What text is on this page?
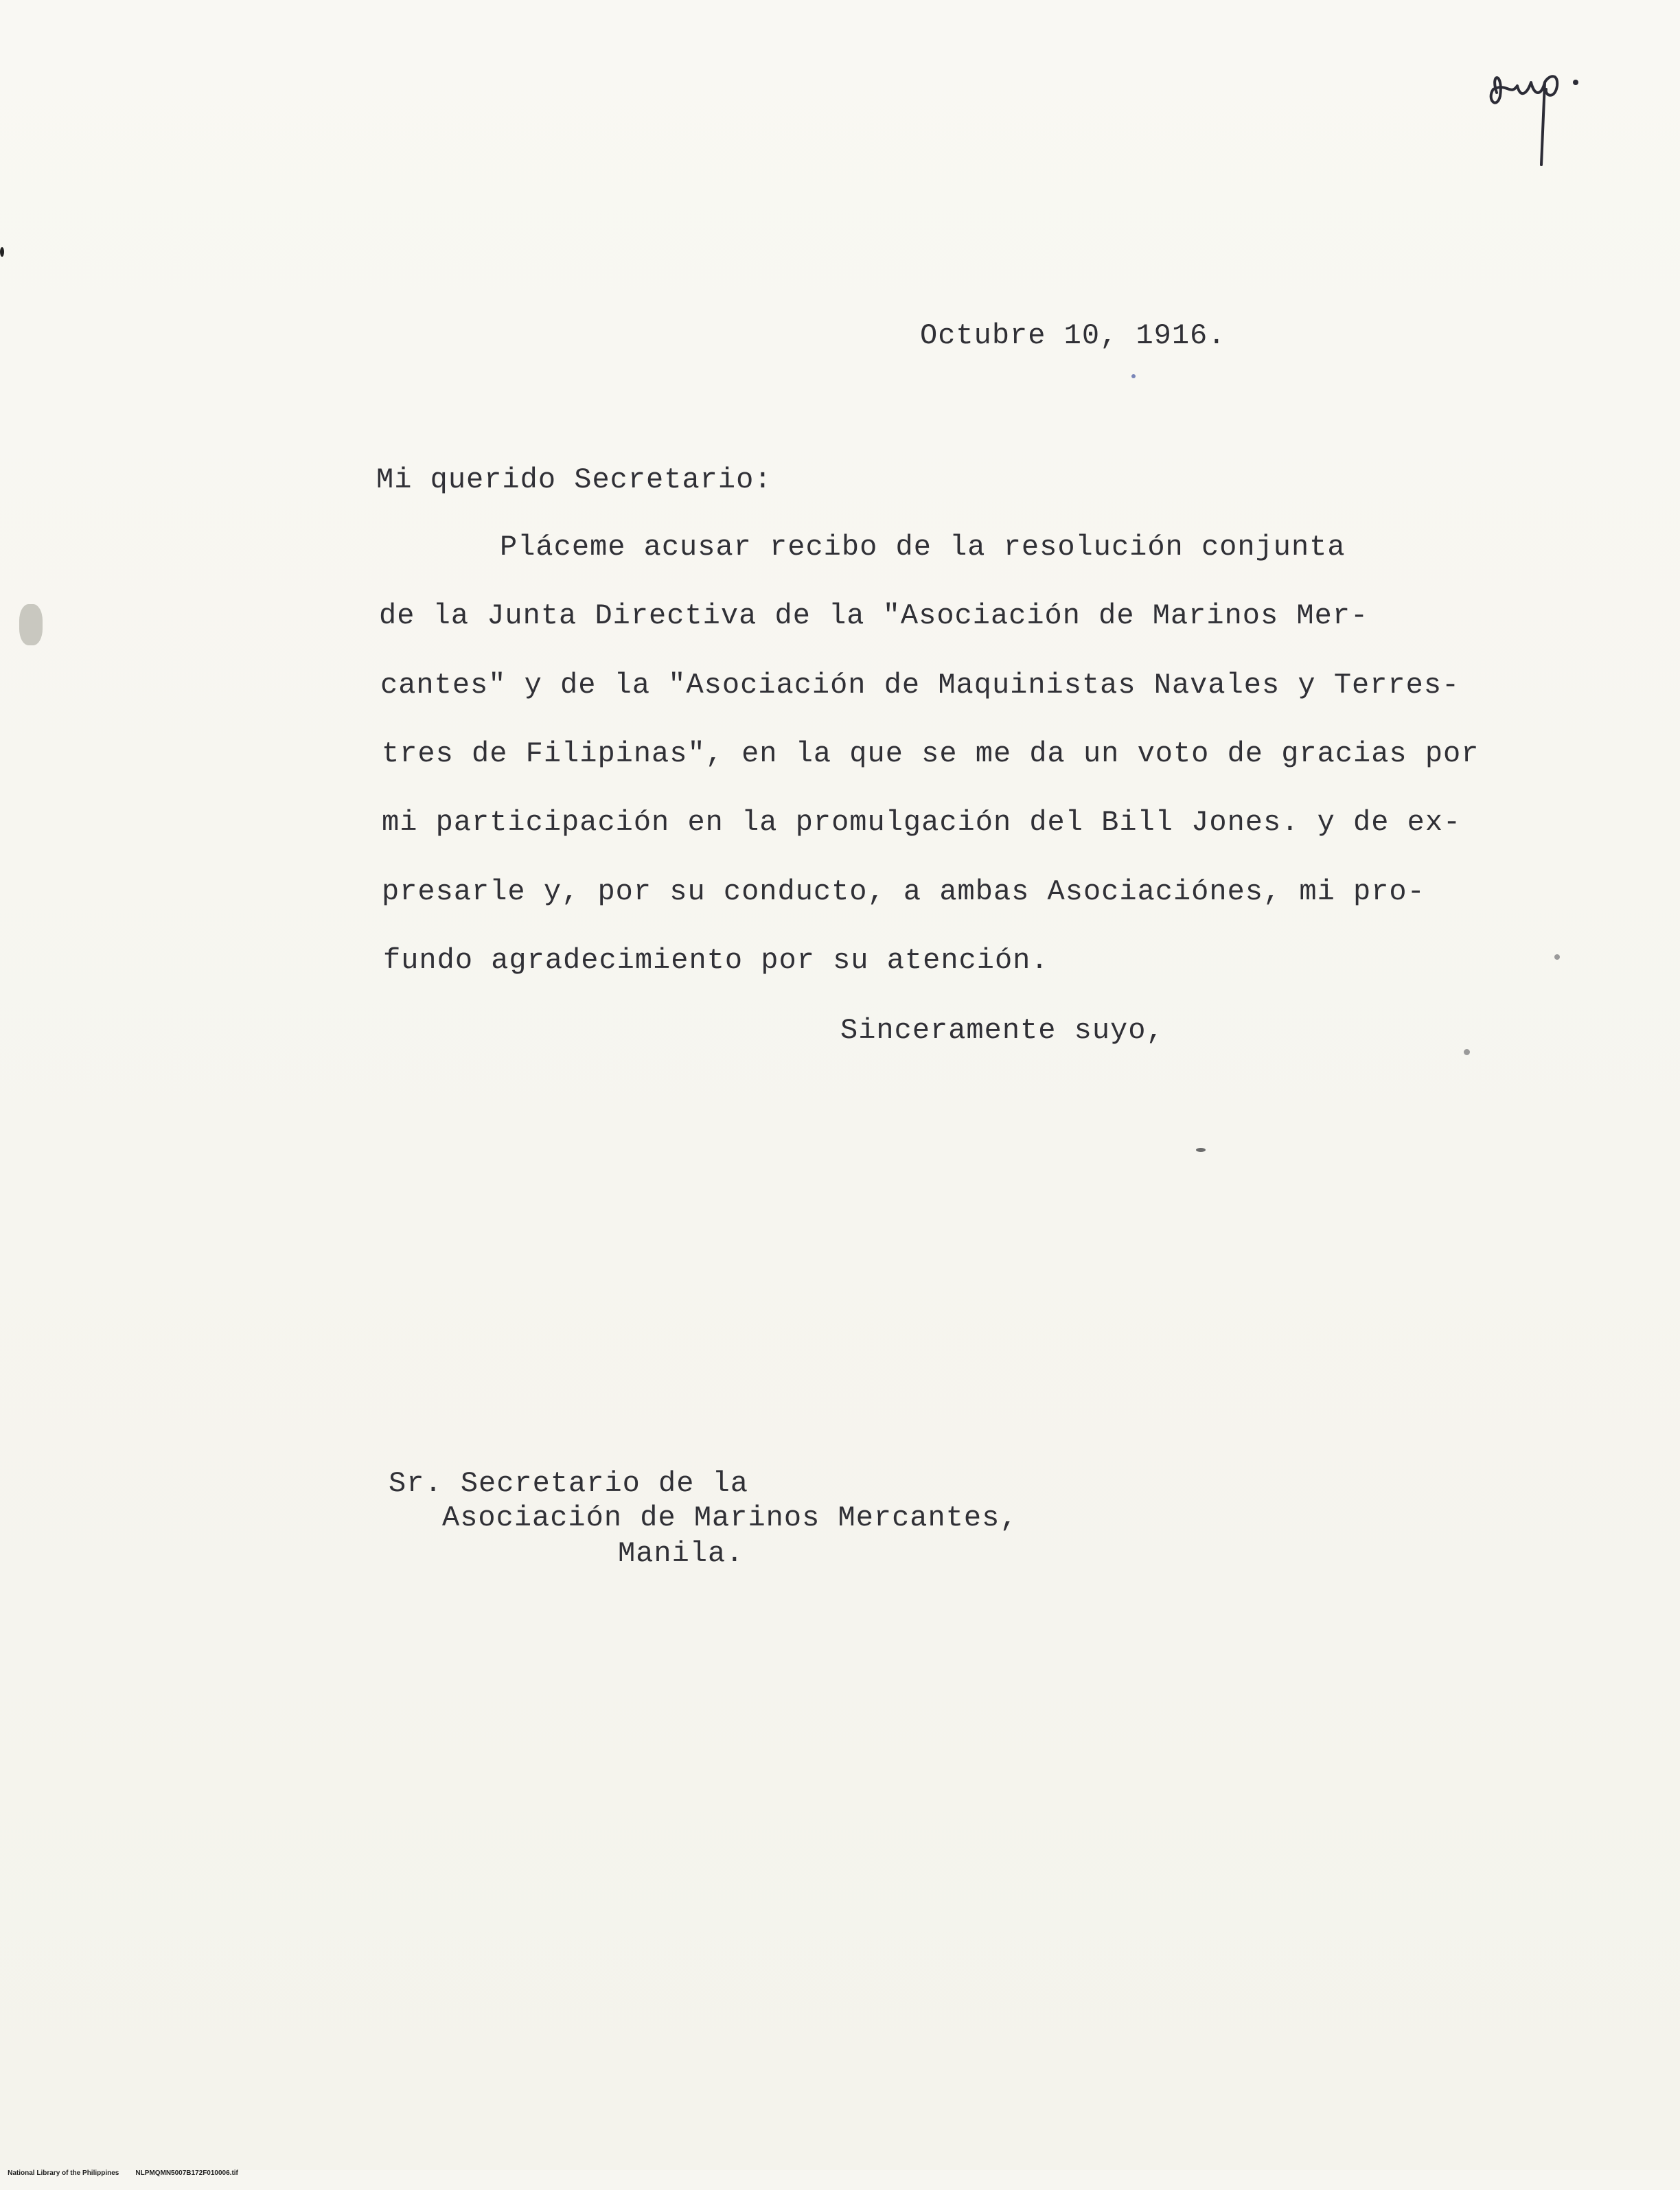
Octubre 10, 1916.
Mi querido Secretario:
Pláceme acusar recibo de la resolución conjunta
de la Junta Directiva de la "Asociación de Marinos Mer-
cantes" y de la "Asociación de Maquinistas Navales y Terres-
tres de Filipinas", en la que se me da un voto de gracias por
mi participación en la promulgación del Bill Jones. y de ex-
presarle y, por su conducto, a ambas Asociaciónes, mi pro-
fundo agradecimiento por su atención.
Sinceramente suyo,
Sr. Secretario de la
Asociación de Marinos Mercantes,
Manila.

National Library of the Philippines NLPMQMN5007B172F010006.tif
